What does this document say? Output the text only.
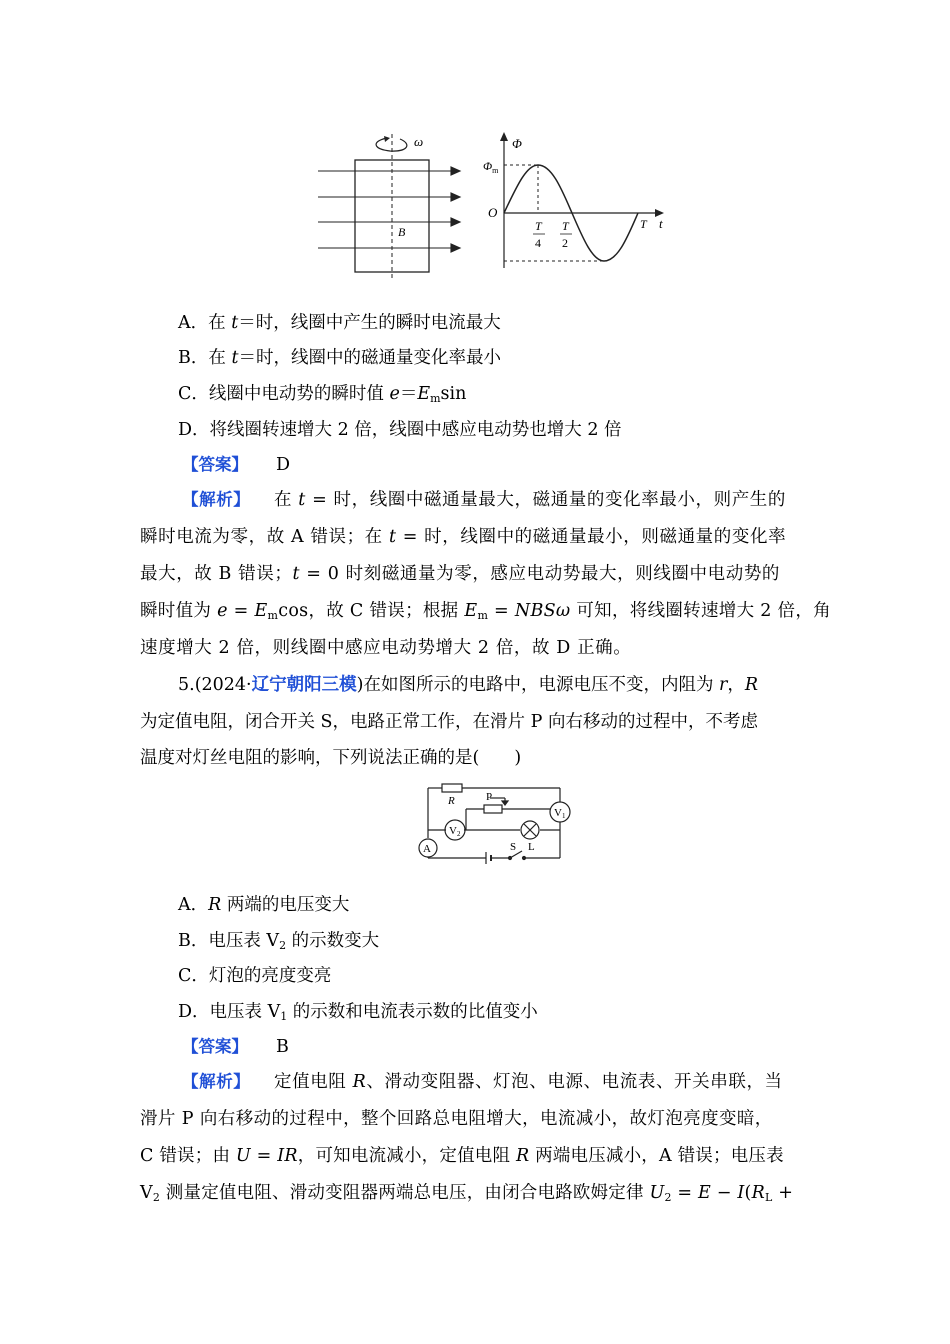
ω
B
Φ
t
O
$\Phi_m$
T
4
T
2
T
A．在 t＝时，线圈中产生的瞬时电流最大
B．在 t＝时，线圈中的磁通量变化率最小
C．线圈中电动势的瞬时值 $e=E_m\sin$
D．将线圈转速增大 2 倍，线圈中感应电动势也增大 2 倍
【答案】 D
【解析】 在 t = 时，线圈中磁通量最大，磁通量的变化率最小，则产生的
瞬时电流为零，故 A 错误；在 t = 时，线圈中的磁通量最小，则磁通量的变化率
最大，故 B 错误；t = 0 时刻磁通量为零，感应电动势最大，则线圈中电动势的
瞬时值为 $e = E_m\cos$，故 C 错误；根据 $E_m = NBS\omega$ 可知，将线圈转速增大 2 倍，角
速度增大 2 倍，则线圈中感应电动势增大 2 倍，故 D 正确。
5.(2024·辽宁朝阳三模)在如图所示的电路中，电源电压不变，内阻为 r，R
为定值电阻，闭合开关 S，电路正常工作，在滑片 P 向右移动的过程中，不考虑
温度对灯丝电阻的影响，下列说法正确的是(　　)
R	P
V1
V2
A	S L
A．R 两端的电压变大
B．电压表 $V_2$ 的示数变大
C．灯泡的亮度变亮
D．电压表 $V_1$ 的示数和电流表示数的比值变小
【答案】 B
【解析】 定值电阻 R、滑动变阻器、灯泡、电源、电流表、开关串联，当
滑片 P 向右移动的过程中，整个回路总电阻增大，电流减小，故灯泡亮度变暗，
C 错误；由 U = IR，可知电流减小，定值电阻 R 两端电压减小，A 错误；电压表
$V_2$ 测量定值电阻、滑动变阻器两端总电压，由闭合电路欧姆定律 $U_2 = E - I(R_L$ +
